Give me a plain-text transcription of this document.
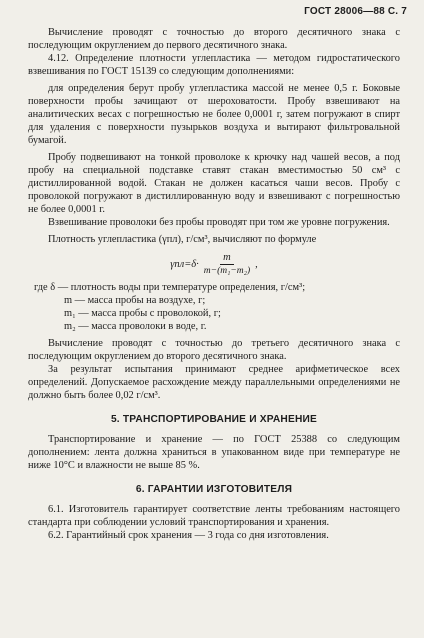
ГОСТ 28006—88 С. 7

Вычисление проводят с точностью до второго десятичного знака с последующим округлением до первого десятичного знака.

4.12. Определение плотности углепластика — методом гидростатического взвешивания по ГОСТ 15139 со следующим дополнениями:

для определения берут пробу углепластика массой не менее 0,5 г. Боковые поверхности пробы зачищают от шероховатости. Пробу взвешивают на аналитических весах с погрешностью не более 0,0001 г, затем погружают в спирт для удаления с поверхности пузырьков воздуха и вытирают фильтровальной бумагой.

Пробу подвешивают на тонкой проволоке к крючку над чашей весов, а под пробу на специальной подставке ставят стакан вместимостью 50 см³ с дистиллированной водой. Стакан не должен касаться чаши весов. Пробу с проволокой погружают в дистиллированную воду и взвешивают с погрешностью не более 0,0001 г.

Взвешивание проволоки без пробы проводят при том же уровне погружения.

Плотность углепластика (γпл), г/см³, вычисляют по формуле

$\gamma пл=\delta\cdot \frac{m}{\text{m−(m₁−m₂)}}$ ,

где δ — плотность воды при температуре определения, г/см³;

m — масса пробы на воздухе, г;

m₁ — масса пробы с проволокой, г;

m₂ — масса проволоки в воде, г.

Вычисление проводят с точностью до третьего десятичного знака с последующим округлением до второго десятичного знака.

За результат испытания принимают среднее арифметическое всех определений. Допускаемое расхождение между параллельными определениями не должно быть более 0,02 г/см³.

5. ТРАНСПОРТИРОВАНИЕ И ХРАНЕНИЕ

Транспортирование и хранение — по ГОСТ 25388 со следующим дополнением: лента должна храниться в упакованном виде при температуре не ниже 10°С и влажности не выше 85 %.

6. ГАРАНТИИ ИЗГОТОВИТЕЛЯ

6.1. Изготовитель гарантирует соответствие ленты требованиям настоящего стандарта при соблюдении условий транспортирования и хранения.

6.2. Гарантийный срок хранения — 3 года со дня изготовления.
